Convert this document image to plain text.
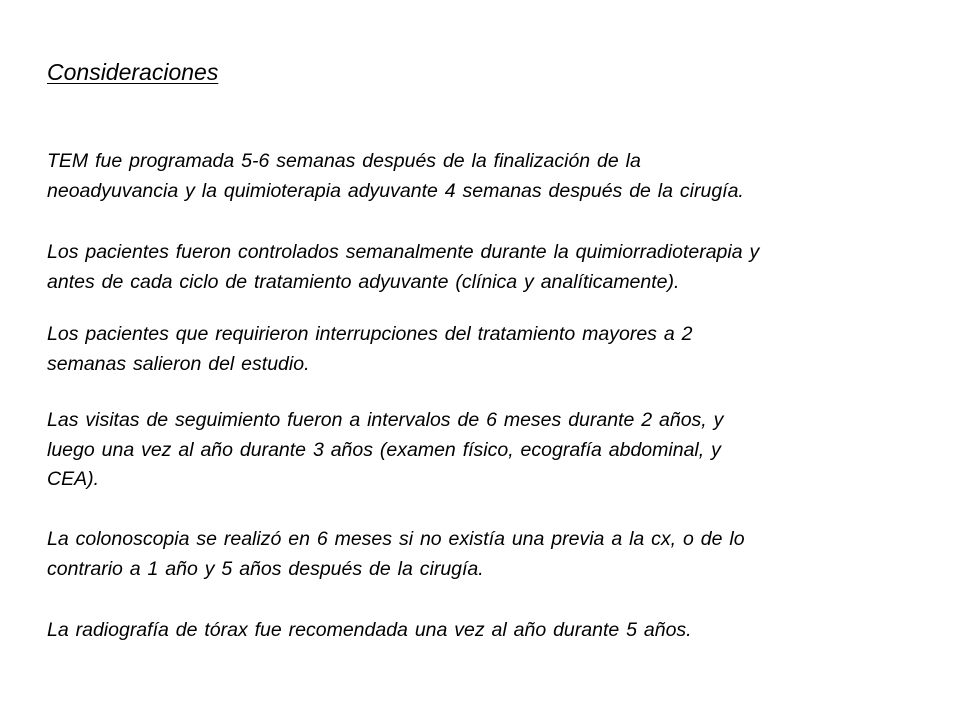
Consideraciones

TEM fue programada 5-6 semanas después de la finalización de la
neoadyuvancia y la quimioterapia adyuvante 4 semanas después de la cirugía.

Los pacientes fueron controlados semanalmente durante la quimiorradioterapia y
antes de cada ciclo de tratamiento adyuvante (clínica y analíticamente).

Los pacientes que requirieron interrupciones del tratamiento mayores a 2
semanas salieron del estudio.

Las visitas de seguimiento fueron a intervalos de 6 meses durante 2 años, y
luego una vez al año durante 3 años (examen físico, ecografía abdominal, y
CEA).

La colonoscopia se realizó en 6 meses si no existía una previa a la cx, o de lo
contrario a 1 año y 5 años después de la cirugía.

La radiografía de tórax fue recomendada una vez al año durante 5 años.
